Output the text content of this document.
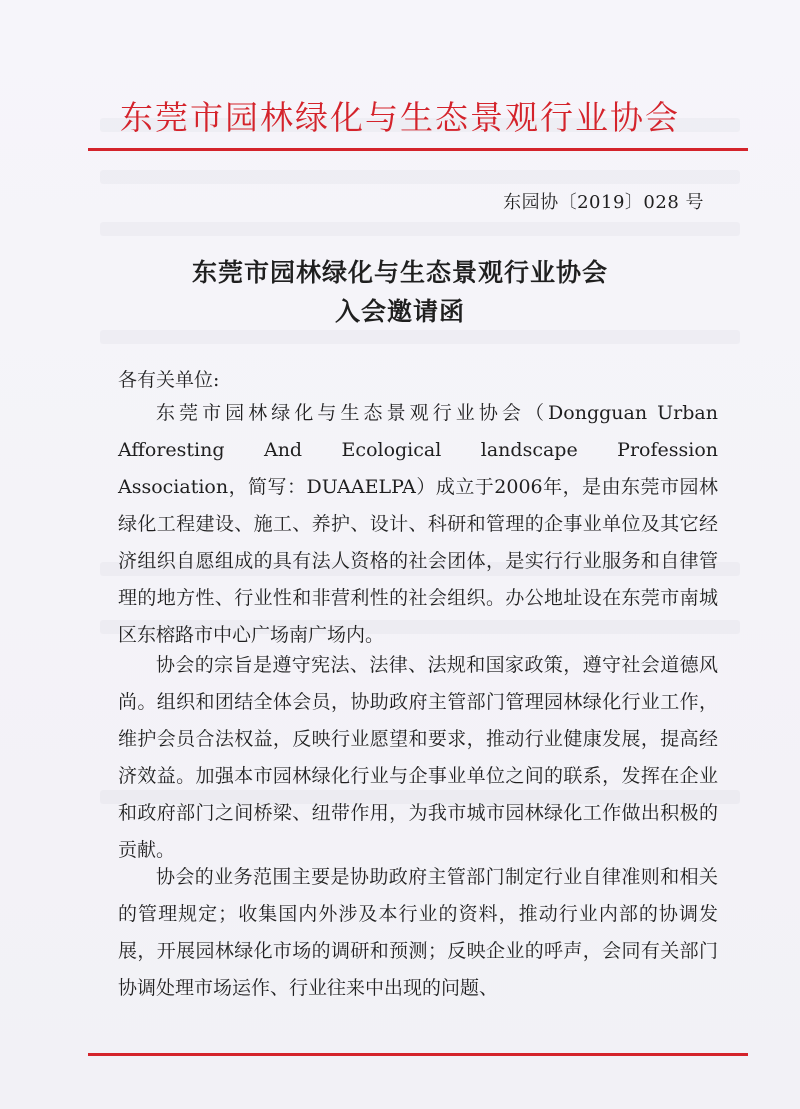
东莞市园林绿化与生态景观行业协会
东园协〔2019〕028 号
东莞市园林绿化与生态景观行业协会
入会邀请函
各有关单位:

东莞市园林绿化与生态景观行业协会（Dongguan Urban Afforesting And Ecological landscape Profession Association，简写：DUAAELPA）成立于2006年，是由东莞市园林绿化工程建设、施工、养护、设计、科研和管理的企事业单位及其它经济组织自愿组成的具有法人资格的社会团体，是实行行业服务和自律管理的地方性、行业性和非营利性的社会组织。办公地址设在东莞市南城区东榕路市中心广场南广场内。

协会的宗旨是遵守宪法、法律、法规和国家政策，遵守社会道德风尚。组织和团结全体会员，协助政府主管部门管理园林绿化行业工作，维护会员合法权益，反映行业愿望和要求，推动行业健康发展，提高经济效益。加强本市园林绿化行业与企事业单位之间的联系，发挥在企业和政府部门之间桥梁、纽带作用，为我市城市园林绿化工作做出积极的贡献。

协会的业务范围主要是协助政府主管部门制定行业自律准则和相关的管理规定；收集国内外涉及本行业的资料，推动行业内部的协调发展，开展园林绿化市场的调研和预测；反映企业的呼声，会同有关部门协调处理市场运作、行业往来中出现的问题、
